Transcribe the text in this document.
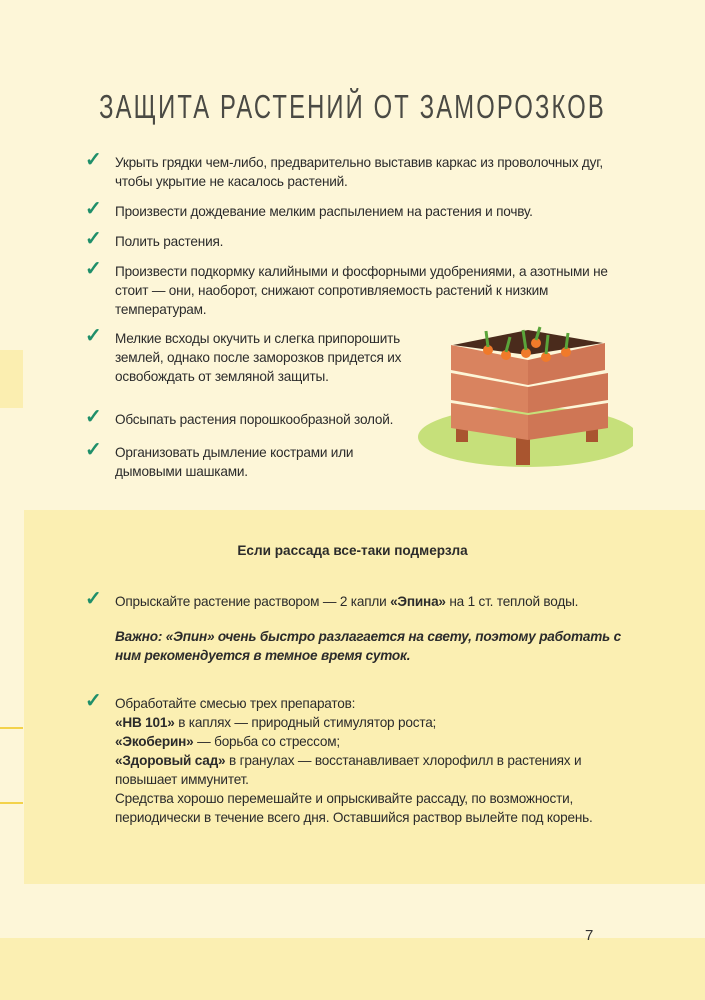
ЗАЩИТА РАСТЕНИЙ ОТ ЗАМОРОЗКОВ
✓ Укрыть грядки чем-либо, предварительно выставив каркас из проволочных дуг, чтобы укрытие не касалось растений.
✓ Произвести дождевание мелким распылением на растения и почву.
✓ Полить растения.
✓ Произвести подкормку калийными и фосфорными удобрениями, а азотными не стоит — они, наоборот, снижают сопротивляемость растений к низким температурам.
✓ Мелкие всходы окучить и слегка припорошить землей, однако после заморозков придется их освобождать от земляной защиты.
✓ Обсыпать растения порошкообразной золой.
✓ Организовать дымление кострами или дымовыми шашками.
Если рассада все-таки подмерзла
✓ Опрыскайте растение раствором — 2 капли «Эпина» на 1 ст. теплой воды.
Важно: «Эпин» очень быстро разлагается на свету, поэтому работать с ним рекомендуется в темное время суток.
✓ Обработайте смесью трех препаратов:
«НВ 101» в каплях — природный стимулятор роста;
«Экоберин» — борьба со стрессом;
«Здоровый сад» в гранулах — восстанавливает хлорофилл в растениях и повышает иммунитет.
Средства хорошо перемешайте и опрыскивайте рассаду, по возможности, периодически в течение всего дня. Оставшийся раствор вылейте под корень.
7
